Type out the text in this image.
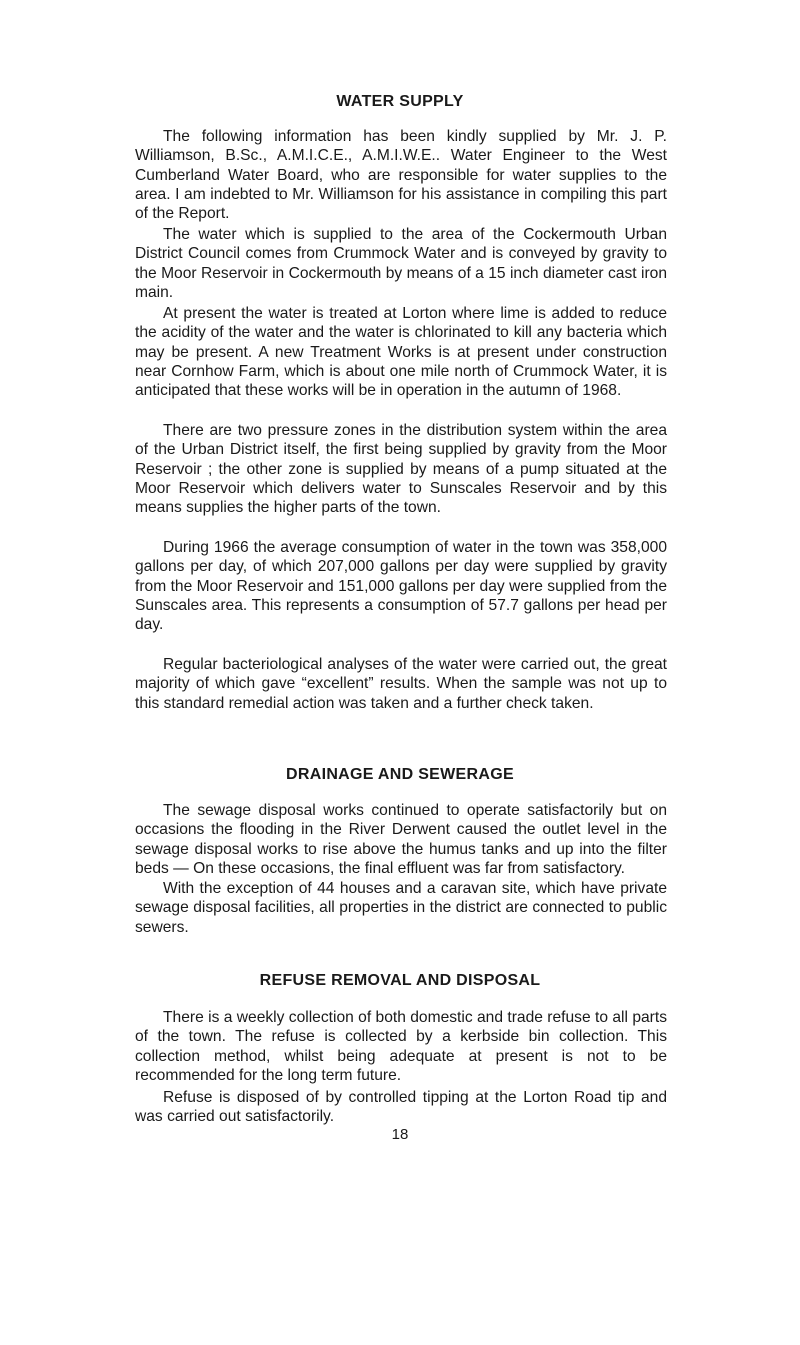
WATER SUPPLY

The following information has been kindly supplied by Mr. J. P. Williamson, B.Sc., A.M.I.C.E., A.M.I.W.E.. Water Engineer to the West Cumberland Water Board, who are responsible for water supplies to the area. I am indebted to Mr. Williamson for his assistance in compiling this part of the Report.

The water which is supplied to the area of the Cockermouth Urban District Council comes from Crummock Water and is conveyed by gravity to the Moor Reservoir in Cockermouth by means of a 15 inch diameter cast iron main.

At present the water is treated at Lorton where lime is added to reduce the acidity of the water and the water is chlorinated to kill any bacteria which may be present. A new Treatment Works is at present under construction near Cornhow Farm, which is about one mile north of Crummock Water, it is anticipated that these works will be in operation in the autumn of 1968.

There are two pressure zones in the distribution system within the area of the Urban District itself, the first being supplied by gravity from the Moor Reservoir ; the other zone is supplied by means of a pump situated at the Moor Reservoir which delivers water to Sunscales Reservoir and by this means supplies the higher parts of the town.

During 1966 the average consumption of water in the town was 358,000 gallons per day, of which 207,000 gallons per day were supplied by gravity from the Moor Reservoir and 151,000 gallons per day were supplied from the Sunscales area. This represents a consumption of 57.7 gallons per head per day.

Regular bacteriological analyses of the water were carried out, the great majority of which gave “excellent” results. When the sample was not up to this standard remedial action was taken and a further check taken.

DRAINAGE AND SEWERAGE

The sewage disposal works continued to operate satisfactorily but on occasions the flooding in the River Derwent caused the outlet level in the sewage disposal works to rise above the humus tanks and up into the filter beds — On these occasions, the final effluent was far from satisfactory.

With the exception of 44 houses and a caravan site, which have private sewage disposal facilities, all properties in the district are connected to public sewers.

REFUSE REMOVAL AND DISPOSAL

There is a weekly collection of both domestic and trade refuse to all parts of the town. The refuse is collected by a kerbside bin collection. This collection method, whilst being adequate at present is not to be recommended for the long term future.

Refuse is disposed of by controlled tipping at the Lorton Road tip and was carried out satisfactorily.

18
